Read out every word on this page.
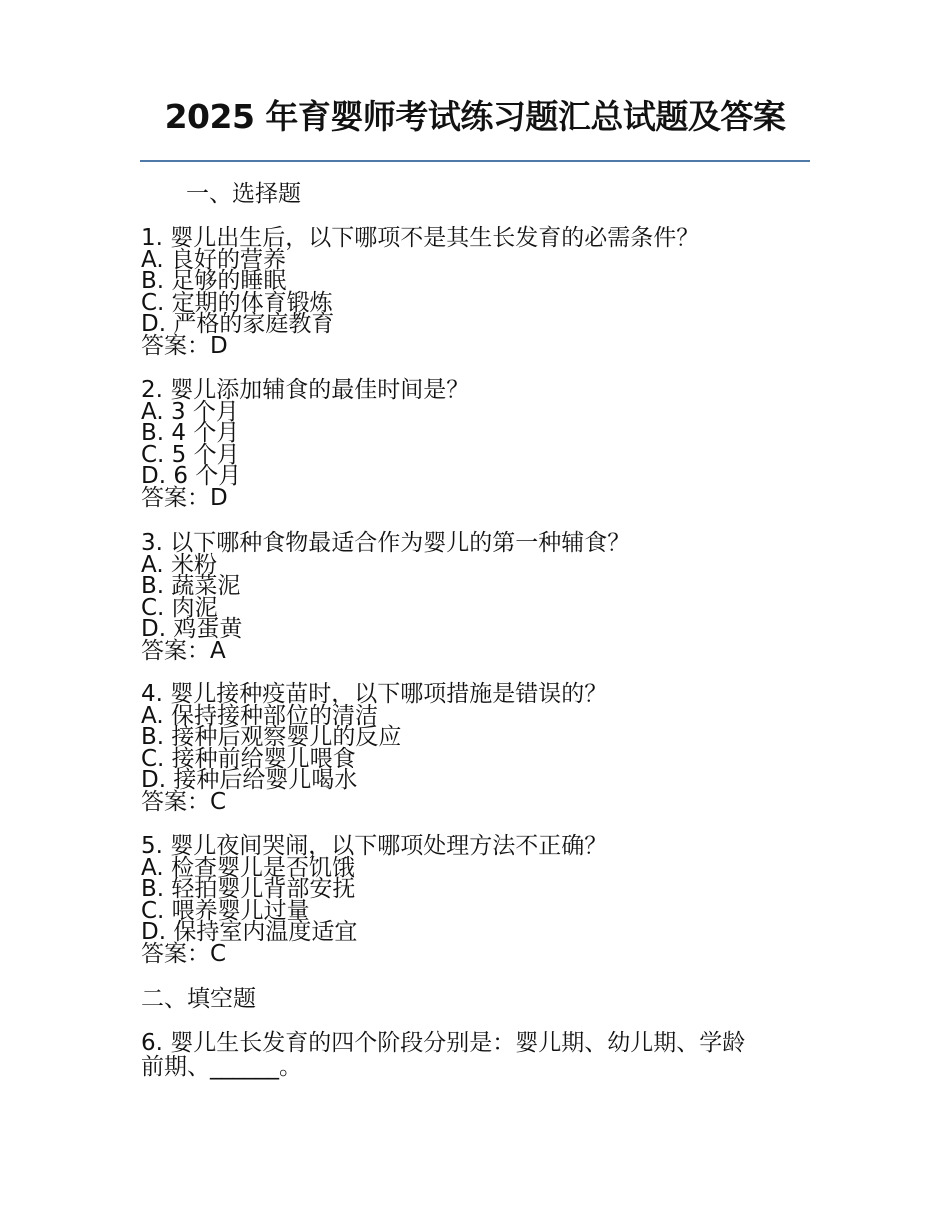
2025 年育婴师考试练习题汇总试题及答案
一、选择题
1. 婴儿出生后，以下哪项不是其生长发育的必需条件？
A. 良好的营养
B. 足够的睡眠
C. 定期的体育锻炼
D. 严格的家庭教育
答案：D
2. 婴儿添加辅食的最佳时间是？
A. 3 个月
B. 4 个月
C. 5 个月
D. 6 个月
答案：D
3. 以下哪种食物最适合作为婴儿的第一种辅食？
A. 米粉
B. 蔬菜泥
C. 肉泥
D. 鸡蛋黄
答案：A
4. 婴儿接种疫苗时，以下哪项措施是错误的？
A. 保持接种部位的清洁
B. 接种后观察婴儿的反应
C. 接种前给婴儿喂食
D. 接种后给婴儿喝水
答案：C
5. 婴儿夜间哭闹，以下哪项处理方法不正确？
A. 检查婴儿是否饥饿
B. 轻拍婴儿背部安抚
C. 喂养婴儿过量
D. 保持室内温度适宜
答案：C
二、填空题
6. 婴儿生长发育的四个阶段分别是：婴儿期、幼儿期、学龄
前期、______。
